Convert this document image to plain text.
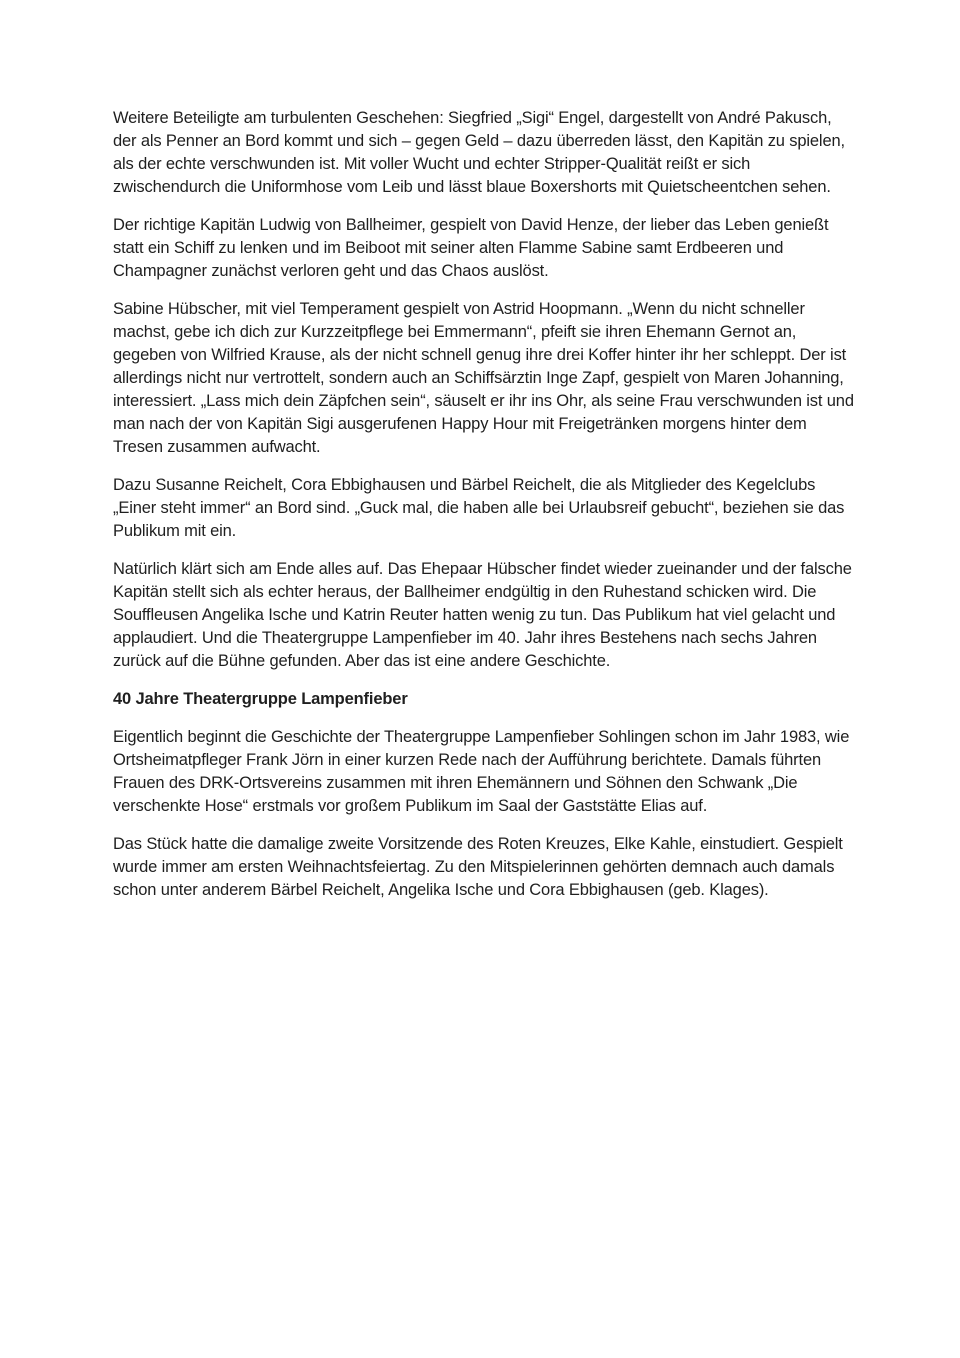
Weitere Beteiligte am turbulenten Geschehen: Siegfried „Sigi“ Engel, dargestellt von André Pakusch, der als Penner an Bord kommt und sich – gegen Geld – dazu überreden lässt, den Kapitän zu spielen, als der echte verschwunden ist. Mit voller Wucht und echter Stripper-Qualität reißt er sich zwischendurch die Uniformhose vom Leib und lässt blaue Boxershorts mit Quietscheentchen sehen.

Der richtige Kapitän Ludwig von Ballheimer, gespielt von David Henze, der lieber das Leben genießt statt ein Schiff zu lenken und im Beiboot mit seiner alten Flamme Sabine samt Erdbeeren und Champagner zunächst verloren geht und das Chaos auslöst.

Sabine Hübscher, mit viel Temperament gespielt von Astrid Hoopmann. „Wenn du nicht schneller machst, gebe ich dich zur Kurzzeitpflege bei Emmermann“, pfeift sie ihren Ehemann Gernot an, gegeben von Wilfried Krause, als der nicht schnell genug ihre drei Koffer hinter ihr her schleppt. Der ist allerdings nicht nur vertrottelt, sondern auch an Schiffsärztin Inge Zapf, gespielt von Maren Johanning, interessiert. „Lass mich dein Zäpfchen sein“, säuselt er ihr ins Ohr, als seine Frau verschwunden ist und man nach der von Kapitän Sigi ausgerufenen Happy Hour mit Freigetränken morgens hinter dem Tresen zusammen aufwacht.

Dazu Susanne Reichelt, Cora Ebbighausen und Bärbel Reichelt, die als Mitglieder des Kegelclubs „Einer steht immer“ an Bord sind. „Guck mal, die haben alle bei Urlaubsreif gebucht“, beziehen sie das Publikum mit ein.

Natürlich klärt sich am Ende alles auf. Das Ehepaar Hübscher findet wieder zueinander und der falsche Kapitän stellt sich als echter heraus, der Ballheimer endgültig in den Ruhestand schicken wird. Die Souffleusen Angelika Ische und Katrin Reuter hatten wenig zu tun. Das Publikum hat viel gelacht und applaudiert. Und die Theatergruppe Lampenfieber im 40. Jahr ihres Bestehens nach sechs Jahren zurück auf die Bühne gefunden. Aber das ist eine andere Geschichte.

40 Jahre Theatergruppe Lampenfieber

Eigentlich beginnt die Geschichte der Theatergruppe Lampenfieber Sohlingen schon im Jahr 1983, wie Ortsheimatpfleger Frank Jörn in einer kurzen Rede nach der Aufführung berichtete. Damals führten Frauen des DRK-Ortsvereins zusammen mit ihren Ehemännern und Söhnen den Schwank „Die verschenkte Hose“ erstmals vor großem Publikum im Saal der Gaststätte Elias auf.

Das Stück hatte die damalige zweite Vorsitzende des Roten Kreuzes, Elke Kahle, einstudiert. Gespielt wurde immer am ersten Weihnachtsfeiertag. Zu den Mitspielerinnen gehörten demnach auch damals schon unter anderem Bärbel Reichelt, Angelika Ische und Cora Ebbighausen (geb. Klages).
